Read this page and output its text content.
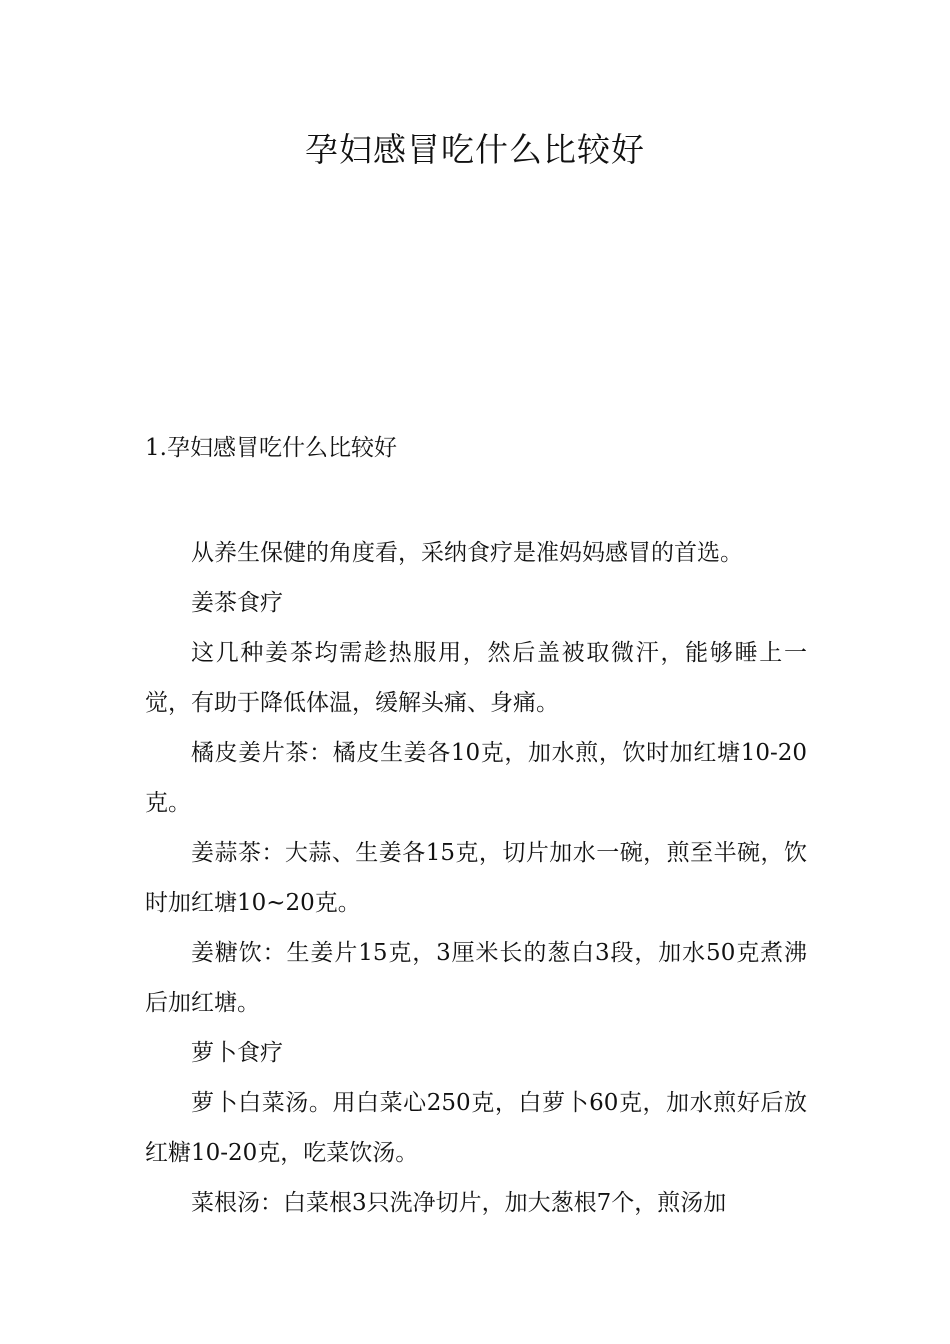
孕妇感冒吃什么比较好
1.孕妇感冒吃什么比较好

从养生保健的角度看，采纳食疗是准妈妈感冒的首选。

姜茶食疗

这几种姜茶均需趁热服用，然后盖被取微汗，能够睡上一觉，有助于降低体温，缓解头痛、身痛。

橘皮姜片茶：橘皮生姜各10克，加水煎，饮时加红塘10-20克。

姜蒜茶：大蒜、生姜各15克，切片加水一碗，煎至半碗，饮时加红塘10~20克。

姜糖饮：生姜片15克，3厘米长的葱白3段，加水50克煮沸后加红塘。

萝卜食疗

萝卜白菜汤。用白菜心250克，白萝卜60克，加水煎好后放红糖10-20克，吃菜饮汤。

菜根汤：白菜根3只洗净切片，加大葱根7个，煎汤加
